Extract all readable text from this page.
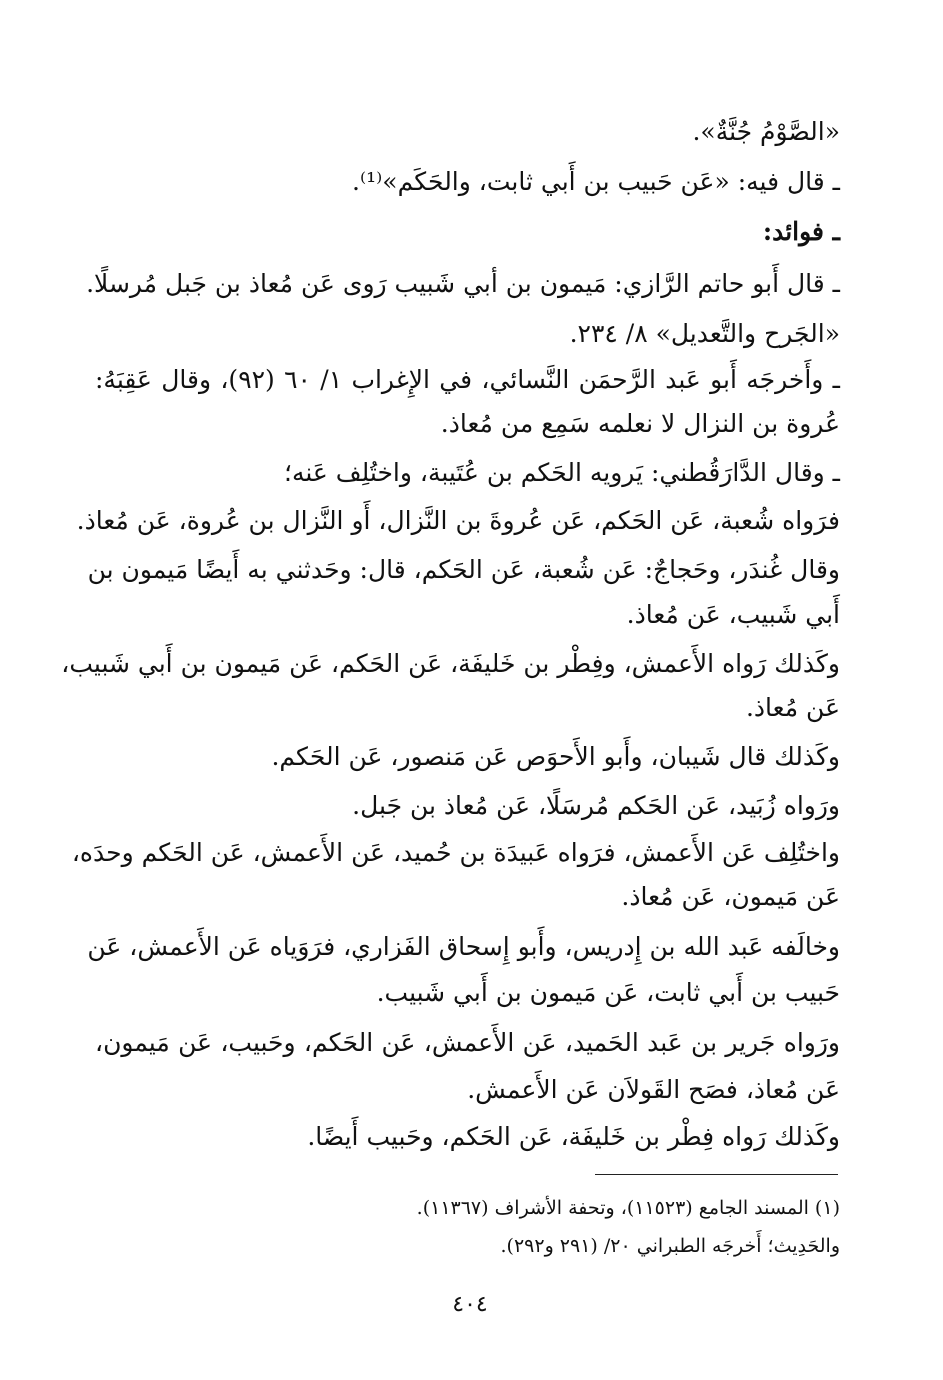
«الصَّوْمُ جُنَّةٌ».
ـ قال فيه: «عَن حَبيب بن أَبي ثابت، والحَكَم»⁽¹⁾.
ـ فوائد:
ـ قال أَبو حاتم الرَّازي: مَيمون بن أبي شَبيب رَوى عَن مُعاذ بن جَبل مُرسلًا.
«الجَرح والتَّعديل» ٨/ ٢٣٤.
ـ وأَخرجَه أَبو عَبد الرَّحمَن النَّسائي، في الإِغراب ١/ ٦٠ (٩٢)، وقال عَقِبَهُ:
عُروة بن النزال لا نعلمه سَمِع من مُعاذ.
ـ وقال الدَّارَقُطني: يَرويه الحَكم بن عُتَيبة، واختُلِف عَنه؛
فرَواه شُعبة، عَن الحَكم، عَن عُروةَ بن النَّزال، أَو النَّزال بن عُروة، عَن مُعاذ.
وقال غُندَر، وحَجاجٌ: عَن شُعبة، عَن الحَكم، قال: وحَدثني به أَيضًا مَيمون بن
أَبي شَبيب، عَن مُعاذ.
وكَذلك رَواه الأَعمش، وفِطْر بن خَليفَة، عَن الحَكم، عَن مَيمون بن أَبي شَبيب،
عَن مُعاذ.
وكَذلك قال شَيبان، وأَبو الأَحوَص عَن مَنصور، عَن الحَكم.
ورَواه زُبَيد، عَن الحَكم مُرسَلًا، عَن مُعاذ بن جَبل.
واختُلِف عَن الأَعمش، فرَواه عَبيدَة بن حُميد، عَن الأَعمش، عَن الحَكم وحدَه،
عَن مَيمون، عَن مُعاذ.
وخالَفه عَبد الله بن إِدريس، وأَبو إِسحاق الفَزاري، فرَوَياه عَن الأَعمش، عَن
حَبيب بن أَبي ثابت، عَن مَيمون بن أَبي شَبيب.
ورَواه جَرير بن عَبد الحَميد، عَن الأَعمش، عَن الحَكم، وحَبيب، عَن مَيمون،
عَن مُعاذ، فصَح القَولاَن عَن الأَعمش.
وكَذلك رَواه فِطْر بن خَليفَة، عَن الحَكم، وحَبيب أَيضًا.
(١) المسند الجامع (١١٥٢٣)، وتحفة الأشراف (١١٣٦٧).
والحَدِيث؛ أَخرجَه الطبراني ٢٠/ (٢٩١ و٢٩٢).
٤٠٤
